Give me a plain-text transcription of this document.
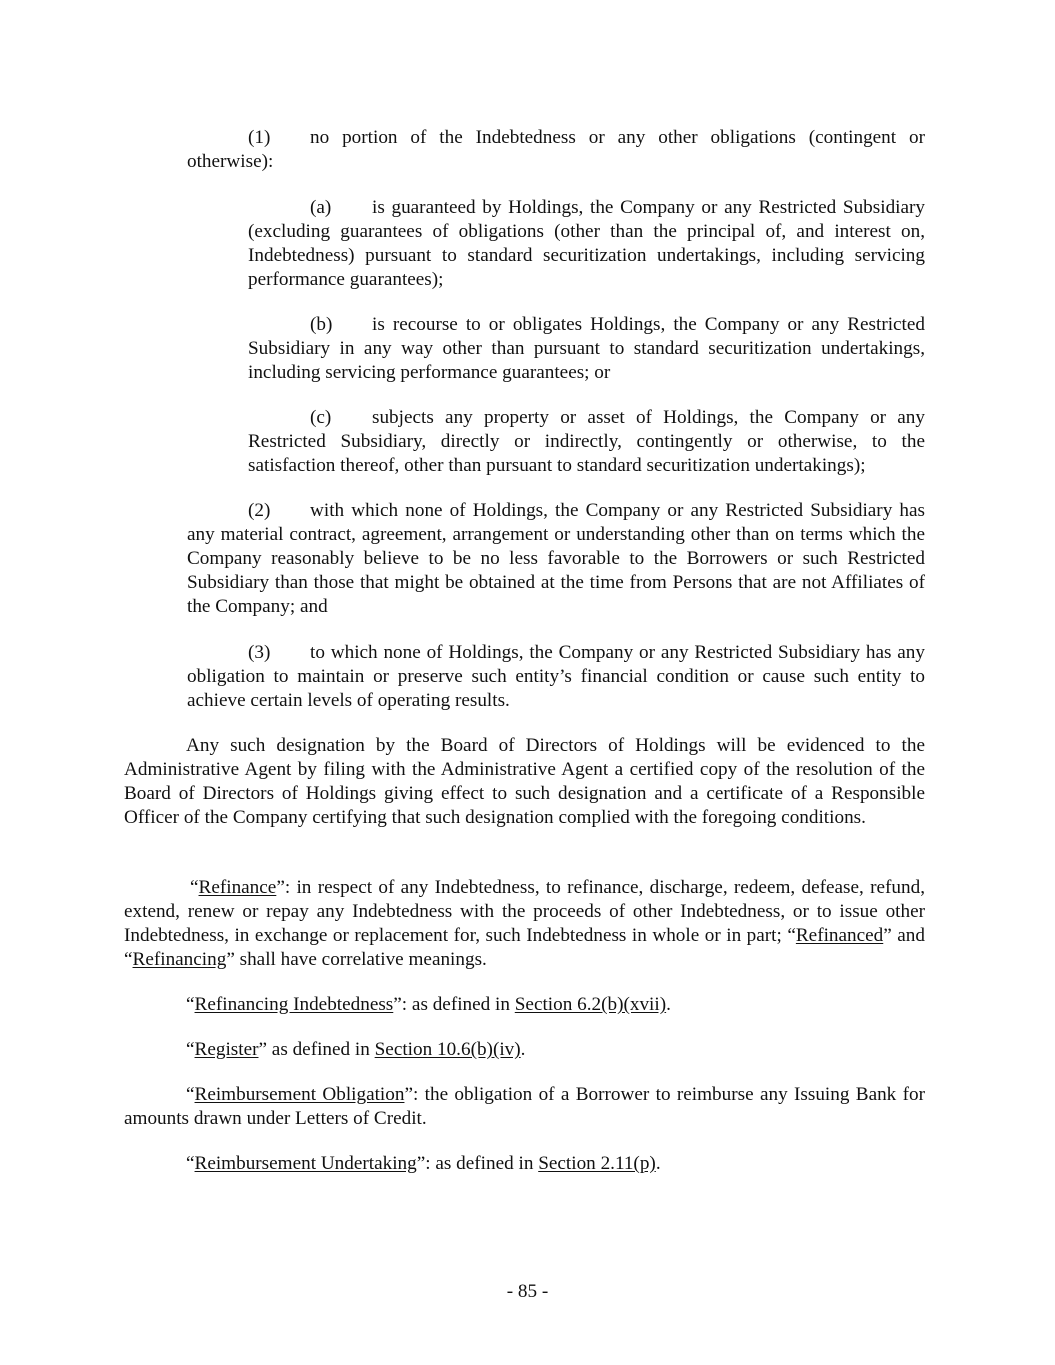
(1) no portion of the Indebtedness or any other obligations (contingent or otherwise):

(a) is guaranteed by Holdings, the Company or any Restricted Subsidiary (excluding guarantees of obligations (other than the principal of, and interest on, Indebtedness) pursuant to standard securitization undertakings, including servicing performance guarantees);

(b) is recourse to or obligates Holdings, the Company or any Restricted Subsidiary in any way other than pursuant to standard securitization undertakings, including servicing performance guarantees; or

(c) subjects any property or asset of Holdings, the Company or any Restricted Subsidiary, directly or indirectly, contingently or otherwise, to the satisfaction thereof, other than pursuant to standard securitization undertakings);

(2) with which none of Holdings, the Company or any Restricted Subsidiary has any material contract, agreement, arrangement or understanding other than on terms which the Company reasonably believe to be no less favorable to the Borrowers or such Restricted Subsidiary than those that might be obtained at the time from Persons that are not Affiliates of the Company; and

(3) to which none of Holdings, the Company or any Restricted Subsidiary has any obligation to maintain or preserve such entity’s financial condition or cause such entity to achieve certain levels of operating results.

Any such designation by the Board of Directors of Holdings will be evidenced to the Administrative Agent by filing with the Administrative Agent a certified copy of the resolution of the Board of Directors of Holdings giving effect to such designation and a certificate of a Responsible Officer of the Company certifying that such designation complied with the foregoing conditions.

“Refinance”: in respect of any Indebtedness, to refinance, discharge, redeem, defease, refund, extend, renew or repay any Indebtedness with the proceeds of other Indebtedness, or to issue other Indebtedness, in exchange or replacement for, such Indebtedness in whole or in part; “Refinanced” and “Refinancing” shall have correlative meanings.

“Refinancing Indebtedness”: as defined in Section 6.2(b)(xvii).

“Register” as defined in Section 10.6(b)(iv).

“Reimbursement Obligation”: the obligation of a Borrower to reimburse any Issuing Bank for amounts drawn under Letters of Credit.

“Reimbursement Undertaking”: as defined in Section 2.11(p).

- 85 -
